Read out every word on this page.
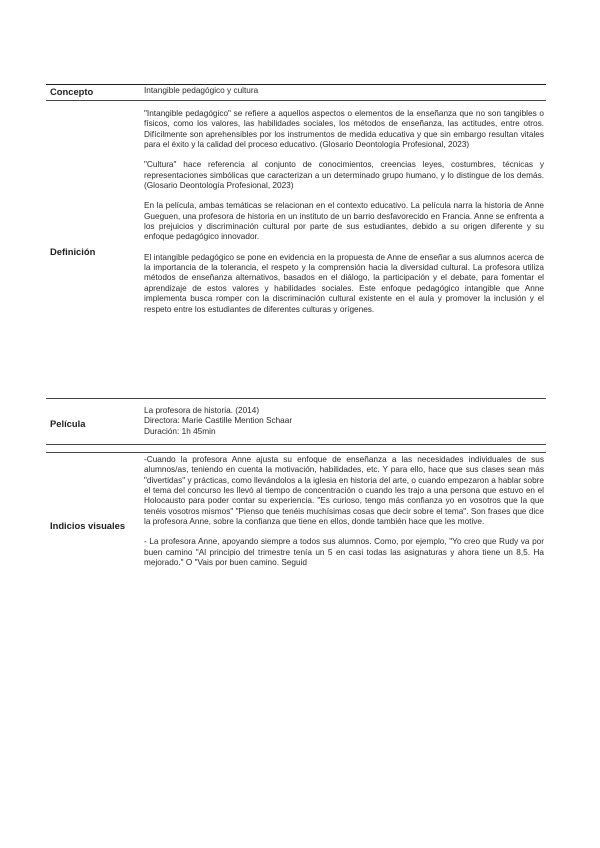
Concepto	Intangible pedagógico y cultura
Definición

"Intangible pedagógico" se refiere a aquellos aspectos o elementos de la enseñanza que no son tangibles o físicos, como los valores, las habilidades sociales, los métodos de enseñanza, las actitudes, entre otros. Difícilmente son aprehensibles por los instrumentos de medida educativa y que sin embargo resultan vitales para el éxito y la calidad del proceso educativo. (Glosario Deontología Profesional, 2023)

"Cultura" hace referencia al conjunto de conocimientos, creencias leyes, costumbres, técnicas y representaciones simbólicas que caracterizan a un determinado grupo humano, y lo distingue de los demás. (Glosario Deontología Profesional, 2023)

En la película, ambas temáticas se relacionan en el contexto educativo. La película narra la historia de Anne Gueguen, una profesora de historia en un instituto de un barrio desfavorecido en Francia. Anne se enfrenta a los prejuicios y discriminación cultural por parte de sus estudiantes, debido a su origen diferente y su enfoque pedagógico innovador.

El intangible pedagógico se pone en evidencia en la propuesta de Anne de enseñar a sus alumnos acerca de la importancia de la tolerancia, el respeto y la comprensión hacia la diversidad cultural. La profesora utiliza métodos de enseñanza alternativos, basados en el diálogo, la participación y el debate, para fomentar el aprendizaje de estos valores y habilidades sociales. Este enfoque pedagógico intangible que Anne implementa busca romper con la discriminación cultural existente en el aula y promover la inclusión y el respeto entre los estudiantes de diferentes culturas y orígenes.

Película
La profesora de historia. (2014)
Directora: Marie Castille Mention Schaar
Duración: 1h 45min
Indicios visuales

-Cuando la profesora Anne ajusta su enfoque de enseñanza a las necesidades individuales de sus alumnos/as, teniendo en cuenta la motivación, habilidades, etc. Y para ello, hace que sus clases sean más "divertidas" y prácticas, como llevándolos a la iglesia en historia del arte, o cuando empezaron a hablar sobre el tema del concurso les llevó al tiempo de concentración o cuando les trajo a una persona que estuvo en el Holocausto para poder contar su experiencia. "Es curioso, tengo más confianza yo en vosotros que la que tenéis vosotros mismos" "Pienso que tenéis muchísimas cosas que decir sobre el tema". Son frases que dice la profesora Anne, sobre la confianza que tiene en ellos, donde también hace que les motive.

- La profesora Anne, apoyando siempre a todos sus alumnos. Como, por ejemplo, "Yo creo que Rudy va por buen camino "Al principio del trimestre tenía un 5 en casi todas las asignaturas y ahora tiene un 8,5. Ha mejorado." O "Vais por buen camino. Seguid
